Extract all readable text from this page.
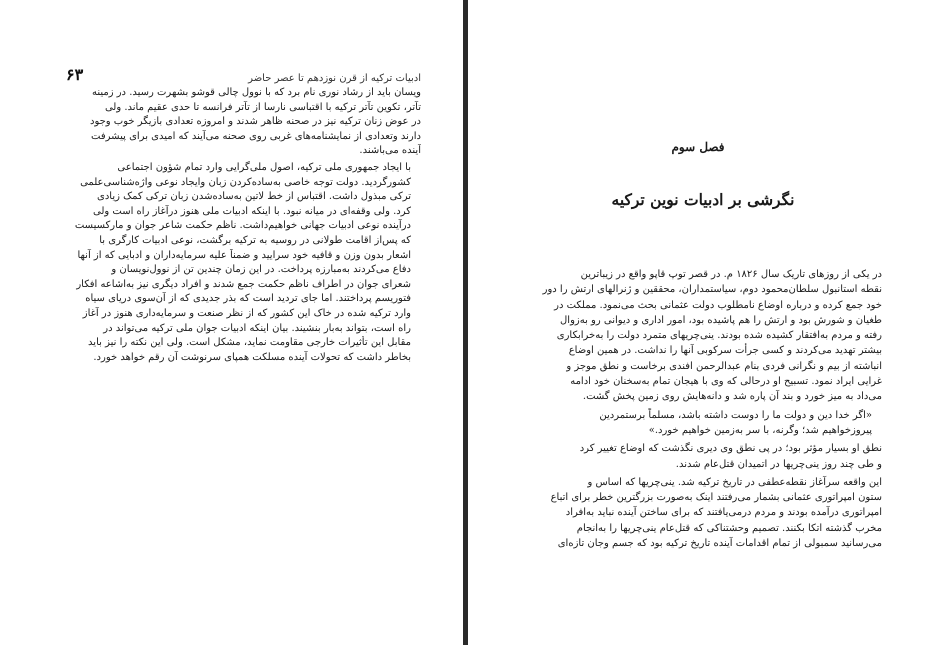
ادبیات ترکیه از قرن نوزدهم تا عصر حاضر
۶۳

ویسان باید از رشاد نوری نام برد که با نوول چالی قوشو بشهرت رسید. در زمینه
تآتر، تکوین تآتر ترکیه با اقتباسی نارسا از تآتر فرانسه تا حدی عقیم ماند. ولی
در عوض زنان ترکیه نیز در صحنه ظاهر شدند و امروزه تعدادی بازیگر خوب وجود
دارند وتعدادی از نمایشنامه‌های غربی روی صحنه می‌آیند که امیدی برای پیشرفت
آینده می‌باشند.

با ایجاد جمهوری ملی ترکیه، اصول ملی‌گرایی وارد تمام شؤون اجتماعی
کشورگردید. دولت توجه خاصی به‌ساده‌کردن زبان وایجاد نوعی واژه‌شناسی‌علمی
ترکی مبذول داشت. اقتباس از خط لاتین به‌ساده‌شدن زبان ترکی کمک زیادی
کرد. ولی وقفه‌ای در میانه نبود. با اینکه ادبیات ملی هنوز درآغاز راه است ولی
درآینده نوعی ادبیات جهانی خواهیم‌داشت. ناظم حکمت شاعر جوان و مارکسیست
که پس‌از اقامت طولانی در روسیه به ترکیه برگشت، نوعی ادبیات کارگری با
اشعار بدون وزن و قافیه خود سرایید و ضمناً علیه سرمایه‌داران و ادبایی که از آنها
دفاع می‌کردند به‌مبارزه پرداخت. در این زمان چندین تن از نوول‌نویسان و
شعرای جوان در اطراف ناظم حکمت جمع شدند و افراد دیگری نیز به‌اشاعه افکار
فتوریسم پرداختند. اما جای تردید است که بذر جدیدی که از آن‌سوی دریای سیاه
وارد ترکیه شده در خاک این کشور که از نظر صنعت و سرمایه‌داری هنوز در آغاز
راه است، بتواند به‌بار بنشیند. بیان اینکه ادبیات جوان ملی ترکیه می‌تواند در
مقابل این تأثیرات خارجی مقاومت نماید، مشکل است. ولی این نکته را نیز باید
بخاطر داشت که تحولات آینده مسلکت همپای سرنوشت آن رقم خواهد خورد.

فصل سوم
نگرشی بر ادبیات نوین ترکیه

در یکی از روزهای تاریک سال ۱۸۲۶ م. در قصر توپ قاپو واقع در زیباترین
نقطه استانبول سلطان‌محمود دوم، سیاستمداران، محققین و ژنرالهای ارتش را دور
خود جمع کرده و درباره اوضاع نامطلوب دولت عثمانی بحث می‌نمود. مملکت در
طغیان و شورش بود و ارتش را هم پاشیده بود، امور اداری و دیوانی رو به‌زوال
رفته و مردم به‌افتقار کشیده شده بودند. ینی‌چریهای متمرد دولت را به‌خرابکاری
بیشتر تهدید می‌کردند و کسی جرأت سرکوبی آنها را نداشت. در همین اوضاع
انباشته از بیم و نگرانی فردی بنام عبدالرحمن افندی برخاست و نطق موجز و
غرایی ایراد نمود. تسبیح او درحالی که وی با هیجان تمام به‌سخنان خود ادامه
می‌داد به میز خورد و بند آن پاره شد و دانه‌هایش روی زمین پخش گشت.

«اگر خدا دین و دولت ما را دوست داشته باشد، مسلماً برستمردین
پیروزخواهیم شد؛ وگرنه، با سر به‌زمین خواهیم خورد.»

نطق او بسیار مؤثر بود؛ در پی نطق وی دیری نگذشت که اوضاع تغییر کرد
و طی چند روز ینی‌چریها در اتمیدان قتل‌عام شدند.

این واقعه سرآغاز نقطه‌عطفی در تاریخ ترکیه شد. ینی‌چریها که اساس و
ستون امپراتوری عثمانی بشمار می‌رفتند اینک به‌صورت بزرگترین خطر برای اتباع
امپراتوری درآمده بودند و مردم درمی‌یافتند که برای ساختن آینده نباید به‌افراد
مخرب گذشته اتکا بکنند. تصمیم وحشتناکی که قتل‌عام ینی‌چریها را به‌انجام
می‌رسانید سمبولی از تمام اقدامات آینده تاریخ ترکیه بود که جسم وجان تازه‌ای
